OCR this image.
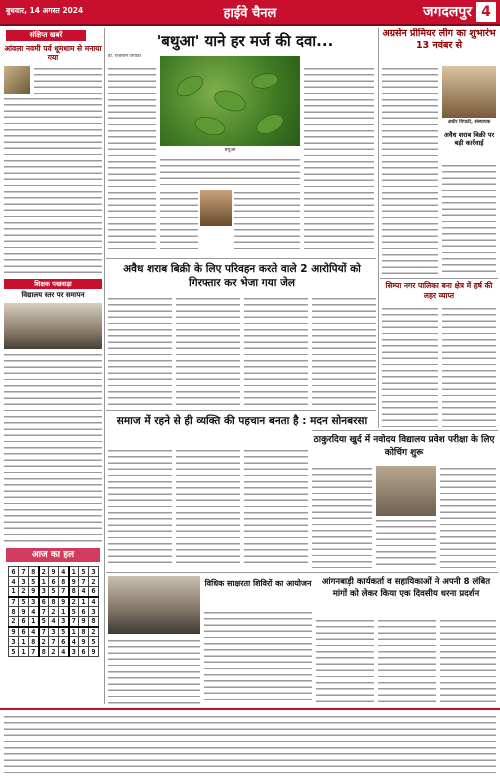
बुधवार, 14 अगस्त 2024	हाईवे चैनल	जगदलपुर 4
संक्षिप्त खबरें
आंवला नवमी पर्व धूमधाम से मनाया गया
शिक्षक पखवाड़ा
विद्यालय स्तर पर समापन
आज का हल
6	7	8	2	9	4	1	5	3
4	3	5	1	6	8	9	7	2
1	2	9	3	5	7	8	4	6
7	5	3	6	8	9	2	1	4
8	9	4	7	2	1	5	6	3
2	6	1	5	4	3	7	9	8
9	6	4	7	3	5	1	8	2
3	1	8	2	7	6	4	9	5
5	1	7	8	2	4	3	6	9
'बथुआ' याने हर मर्ज की दवा...
डॉ. राजाराम त्रिपाठी
बथुआ
अग्रसेन प्रीमियर लीग का शुभारंभ 13 नवंबर से
अधीर त्रिपाठी, संस्थापक
अवैध शराब बिक्री पर बड़ी कार्रवाई
सिम्पा नगर पालिका बना क्षेत्र में हर्ष की लहर व्याप्त
अवैध शराब बिक्री के लिए परिवहन करते वाले 2 आरोपियों को गिरफ्तार कर भेजा गया जेल
समाज में रहने से ही व्यक्ति की पहचान बनता है : मदन सोनबरसा
ठाकुरदिया खुर्द में नवोदय विद्यालय प्रवेश परीक्षा के लिए कोचिंग शुरू
विधिक साक्षरता शिविरों का आयोजन	आंगनबाड़ी कार्यकर्ता व सहायिकाओं ने अपनी 8 लंबित मांगों को लेकर किया एक दिवसीय धरना प्रदर्शन
